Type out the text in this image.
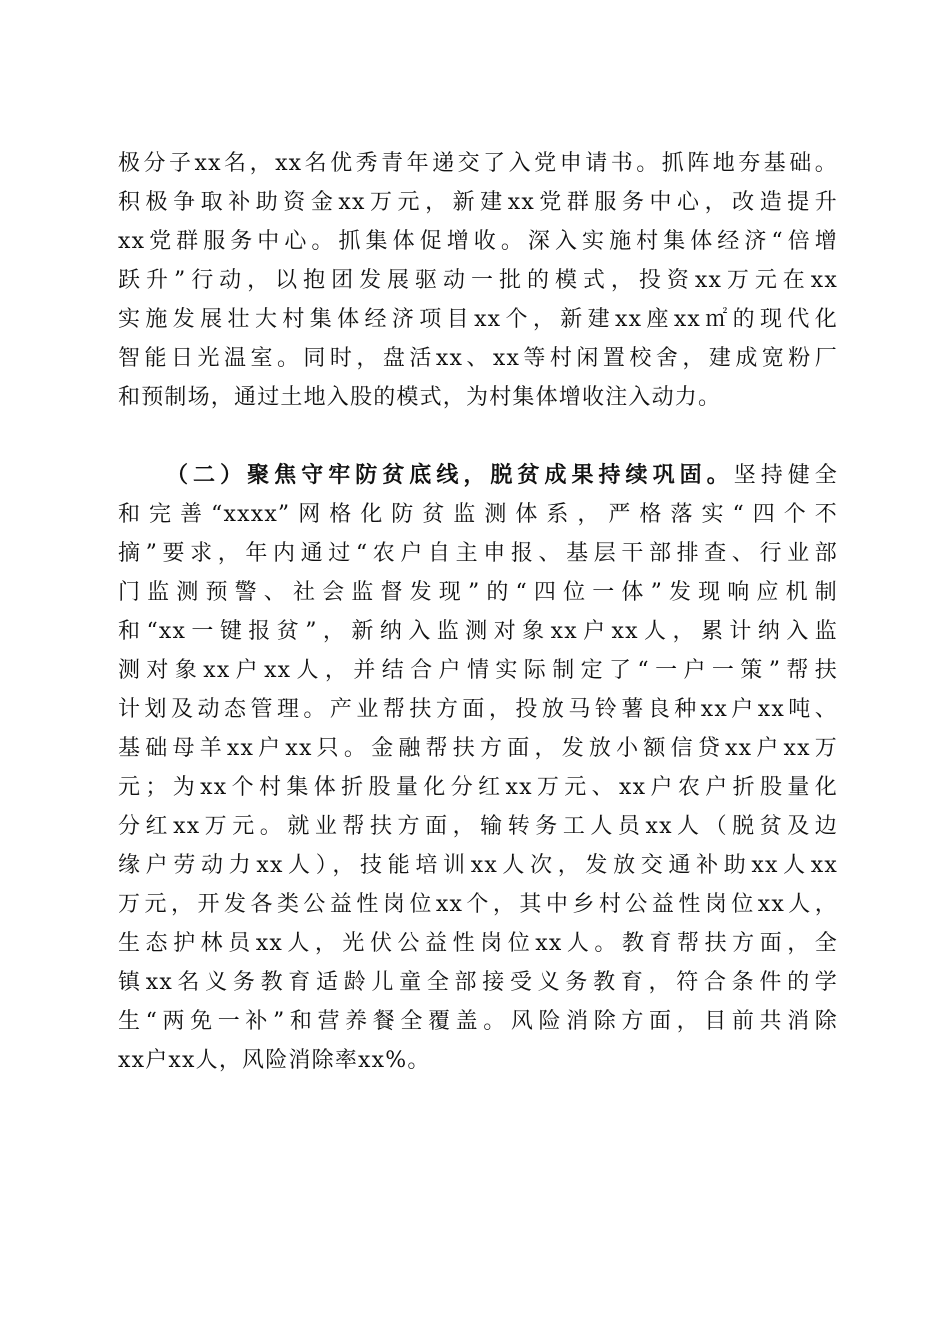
极分子xx名，xx名优秀青年递交了入党申请书。抓阵地夯基础。
积极争取补助资金xx万元，新建xx党群服务中心，改造提升
xx党群服务中心。抓集体促增收。深入实施村集体经济“倍增
跃升”行动，以抱团发展驱动一批的模式，投资xx万元在xx
实施发展壮大村集体经济项目xx个，新建xx座xx㎡的现代化
智能日光温室。同时，盘活xx、xx等村闲置校舍，建成宽粉厂
和预制场，通过土地入股的模式，为村集体增收注入动力。
（二）聚焦守牢防贫底线，脱贫成果持续巩固。坚持健全
和完善“xxxx”网格化防贫监测体系，严格落实“四个不
摘”要求，年内通过“农户自主申报、基层干部排查、行业部
门监测预警、社会监督发现”的“四位一体”发现响应机制
和“xx一键报贫”，新纳入监测对象xx户xx人，累计纳入监
测对象xx户xx人，并结合户情实际制定了“一户一策”帮扶
计划及动态管理。产业帮扶方面，投放马铃薯良种xx户xx吨、
基础母羊xx户xx只。金融帮扶方面，发放小额信贷xx户xx万
元；为xx个村集体折股量化分红xx万元、xx户农户折股量化
分红xx万元。就业帮扶方面，输转务工人员xx人（脱贫及边
缘户劳动力xx人），技能培训xx人次，发放交通补助xx人xx
万元，开发各类公益性岗位xx个，其中乡村公益性岗位xx人，
生态护林员xx人，光伏公益性岗位xx人。教育帮扶方面，全
镇xx名义务教育适龄儿童全部接受义务教育，符合条件的学
生“两免一补”和营养餐全覆盖。风险消除方面，目前共消除
xx户xx人，风险消除率xx%。
